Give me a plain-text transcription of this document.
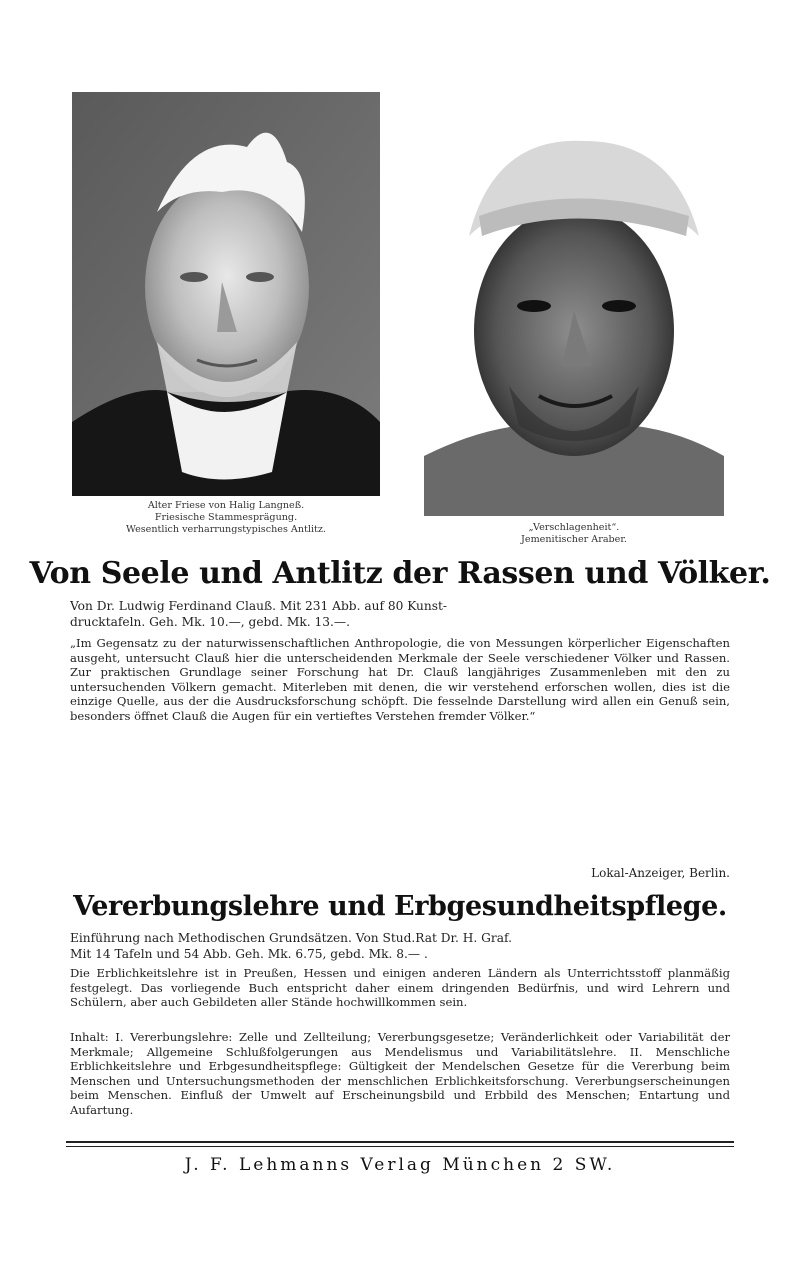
Alter Friese von Halig Langneß.
Friesische Stammesprägung.
Wesentlich verharrungstypisches Antlitz.	„Verschlagenheit“.
Jemenitischer Araber.
Von Seele und Antlitz der Rassen und Völker.
Von Dr. Ludwig Ferdinand Clauß. Mit 231 Abb. auf 80 Kunst-
drucktafeln. Geh. Mk. 10.—, gebd. Mk. 13.—.
„Im Gegensatz zu der naturwissenschaftlichen Anthropologie, die von Messungen körperlicher Eigenschaften ausgeht, untersucht Clauß hier die unterscheidenden Merkmale der Seele verschiedener Völker und Rassen. Zur praktischen Grundlage seiner Forschung hat Dr. Clauß langjähriges Zusammenleben mit den zu untersuchenden Völkern gemacht. Miterleben mit denen, die wir verstehend erforschen wollen, dies ist die einzige Quelle, aus der die Ausdrucksforschung schöpft. Die fesselnde Darstellung wird allen ein Genuß sein, besonders öffnet Clauß die Augen für ein vertieftes Verstehen fremder Völker.“
Lokal-Anzeiger, Berlin.
Vererbungslehre und Erbgesundheitspflege.
Einführung nach Methodischen Grundsätzen. Von Stud.Rat Dr. H. Graf.
Mit 14 Tafeln und 54 Abb. Geh. Mk. 6.75, gebd. Mk. 8.— .
Die Erblichkeitslehre ist in Preußen, Hessen und einigen anderen Ländern als Unterrichtsstoff planmäßig festgelegt. Das vorliegende Buch entspricht daher einem dringenden Bedürfnis, und wird Lehrern und Schülern, aber auch Gebildeten aller Stände hochwillkommen sein.
Inhalt: I. Vererbungslehre: Zelle und Zellteilung; Vererbungsgesetze; Veränderlichkeit oder Variabilität der Merkmale; Allgemeine Schlußfolgerungen aus Mendelismus und Variabilitätslehre. II. Menschliche Erblichkeitslehre und Erbgesundheitspflege: Gültigkeit der Mendelschen Gesetze für die Vererbung beim Menschen und Untersuchungsmethoden der menschlichen Erblichkeitsforschung. Vererbungserscheinungen beim Menschen. Einfluß der Umwelt auf Erscheinungsbild und Erbbild des Menschen; Entartung und Aufartung.
J. F. Lehmanns Verlag München 2 SW.
